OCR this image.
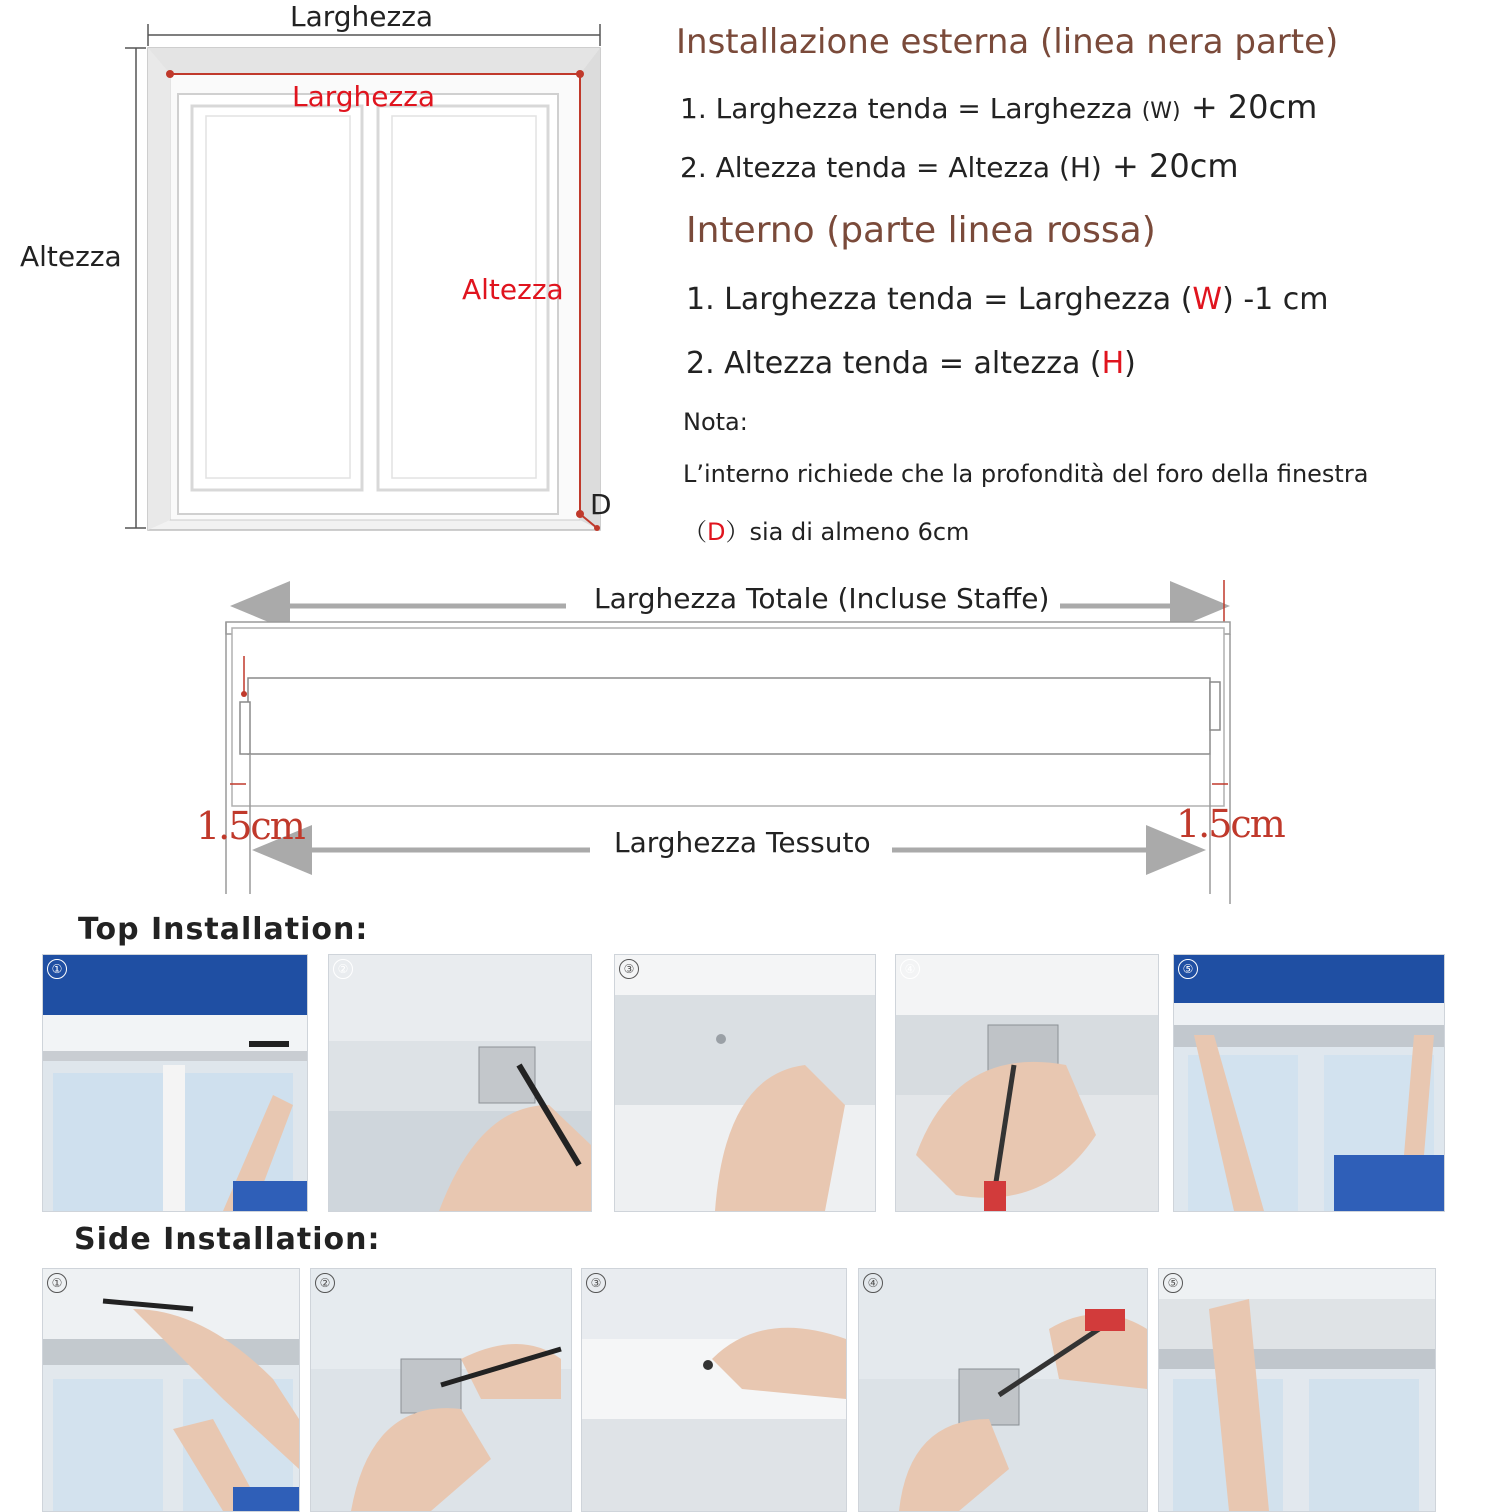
Larghezza
Altezza
Larghezza
Altezza
D
Installazione esterna (linea nera parte)
1. Larghezza tenda = Larghezza (W) + 20cm
2. Altezza tenda = Altezza (H) + 20cm
Interno (parte linea rossa)
1. Larghezza tenda = Larghezza (W) -1 cm
2. Altezza tenda = altezza (H)
Nota:
L’interno richiede che la profondità del foro della finestra
（D）sia di almeno 6cm
Larghezza Totale (Incluse Staffe)
Larghezza Tessuto
1.5cm	1.5cm
Top Installation:
①	②	③	④	⑤
Side Installation:
①	②	③	④	⑤
